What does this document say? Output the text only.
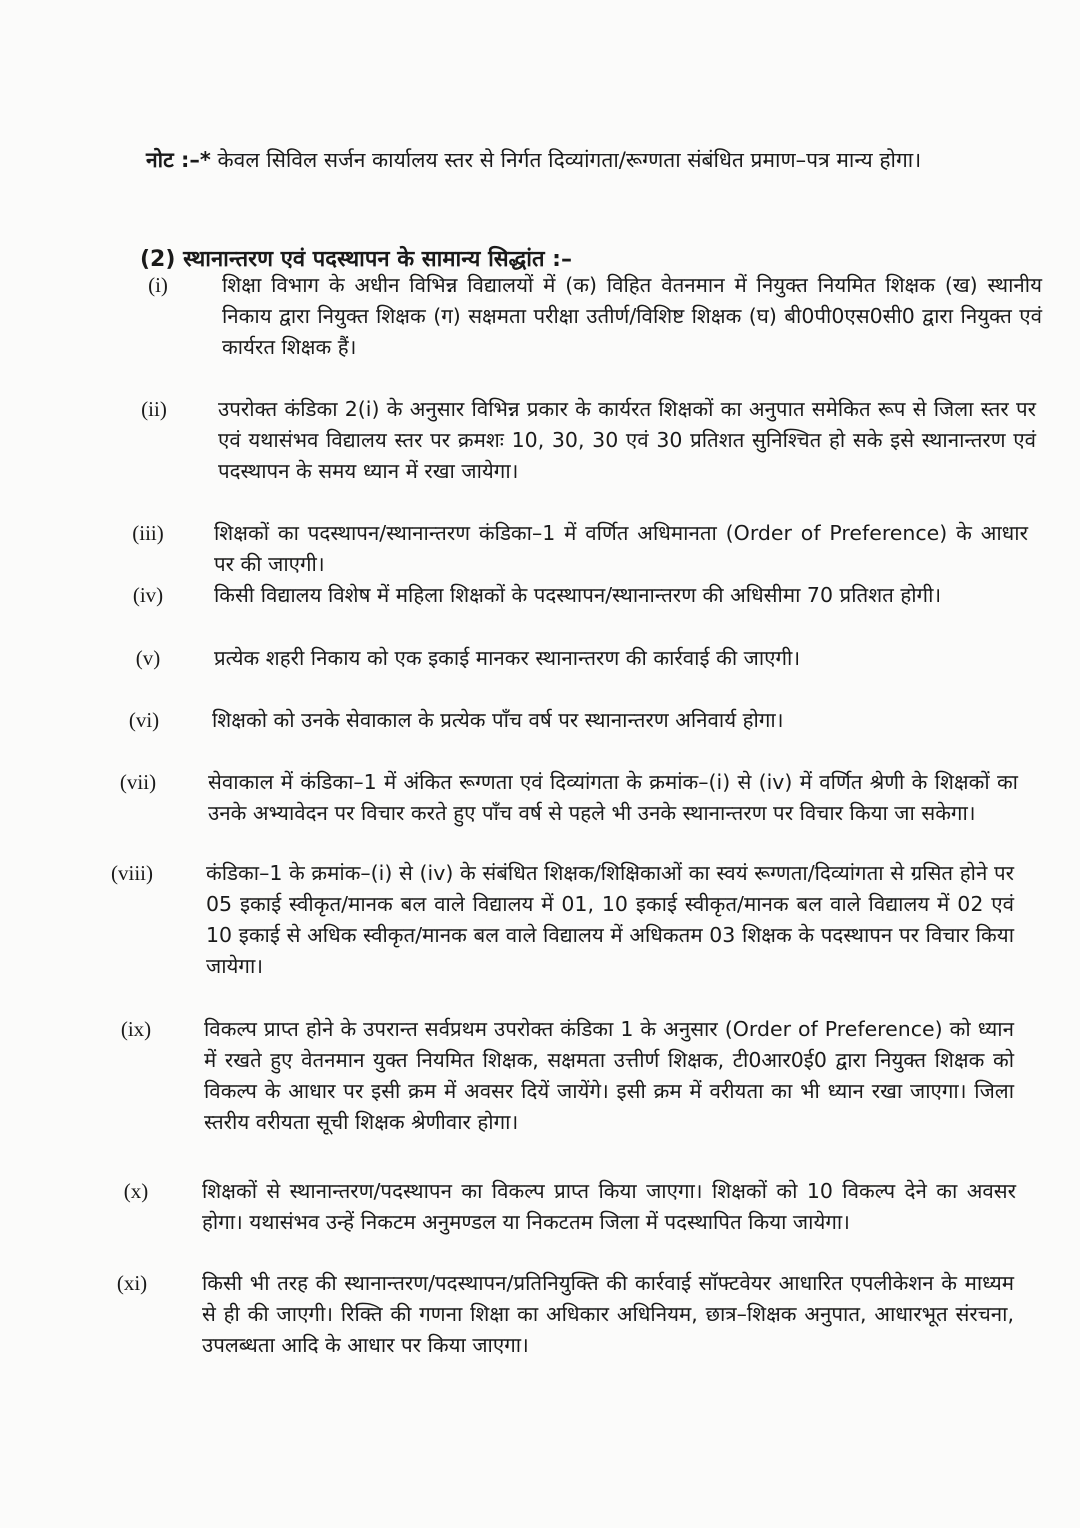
नोट :–* केवल सिविल सर्जन कार्यालय स्तर से निर्गत दिव्यांगता/रूग्णता संबंधित प्रमाण–पत्र मान्य होगा।
(2) स्थानान्तरण एवं पदस्थापन के सामान्य सिद्धांत :–
(i)	शिक्षा विभाग के अधीन विभिन्न विद्यालयों में (क) विहित वेतनमान में नियुक्त नियमित शिक्षक (ख) स्थानीय निकाय द्वारा नियुक्त शिक्षक (ग) सक्षमता परीक्षा उतीर्ण/विशिष्ट शिक्षक (घ) बी0पी0एस0सी0 द्वारा नियुक्त एवं कार्यरत शिक्षक हैं।
(ii)	उपरोक्त कंडिका 2(i) के अनुसार विभिन्न प्रकार के कार्यरत शिक्षकों का अनुपात समेकित रूप से जिला स्तर पर एवं यथासंभव विद्यालय स्तर पर क्रमशः 10, 30, 30 एवं 30 प्रतिशत सुनिश्चित हो सके इसे स्थानान्तरण एवं पदस्थापन के समय ध्यान में रखा जायेगा।
(iii)	शिक्षकों का पदस्थापन/स्थानान्तरण कंडिका–1 में वर्णित अधिमानता (Order of Preference) के आधार पर की जाएगी।
(iv)	किसी विद्यालय विशेष में महिला शिक्षकों के पदस्थापन/स्थानान्तरण की अधिसीमा 70 प्रतिशत होगी।
(v)	प्रत्येक शहरी निकाय को एक इकाई मानकर स्थानान्तरण की कार्रवाई की जाएगी।
(vi)	शिक्षको को उनके सेवाकाल के प्रत्येक पाँच वर्ष पर स्थानान्तरण अनिवार्य होगा।
(vii)	सेवाकाल में कंडिका–1 में अंकित रूग्णता एवं दिव्यांगता के क्रमांक–(i) से (iv) में वर्णित श्रेणी के शिक्षकों का उनके अभ्यावेदन पर विचार करते हुए पाँच वर्ष से पहले भी उनके स्थानान्तरण पर विचार किया जा सकेगा।
(viii)	कंडिका–1 के क्रमांक–(i) से (iv) के संबंधित शिक्षक/शिक्षिकाओं का स्वयं रूग्णता/दिव्यांगता से ग्रसित होने पर 05 इकाई स्वीकृत/मानक बल वाले विद्यालय में 01, 10 इकाई स्वीकृत/मानक बल वाले विद्यालय में 02 एवं 10 इकाई से अधिक स्वीकृत/मानक बल वाले विद्यालय में अधिकतम 03 शिक्षक के पदस्थापन पर विचार किया जायेगा।
(ix)	विकल्प प्राप्त होने के उपरान्त सर्वप्रथम उपरोक्त कंडिका 1 के अनुसार (Order of Preference) को ध्यान में रखते हुए वेतनमान युक्त नियमित शिक्षक, सक्षमता उत्तीर्ण शिक्षक, टी0आर0ई0 द्वारा नियुक्त शिक्षक को विकल्प के आधार पर इसी क्रम में अवसर दियें जायेंगे। इसी क्रम में वरीयता का भी ध्यान रखा जाएगा। जिला स्तरीय वरीयता सूची शिक्षक श्रेणीवार होगा।
(x)	शिक्षकों से स्थानान्तरण/पदस्थापन का विकल्प प्राप्त किया जाएगा। शिक्षकों को 10 विकल्प देने का अवसर होगा। यथासंभव उन्हें निकटम अनुमण्डल या निकटतम जिला में पदस्थापित किया जायेगा।
(xi)	किसी भी तरह की स्थानान्तरण/पदस्थापन/प्रतिनियुक्ति की कार्रवाई सॉफ्टवेयर आधारित एपलीकेशन के माध्यम से ही की जाएगी। रिक्ति की गणना शिक्षा का अधिकार अधिनियम, छात्र–शिक्षक अनुपात, आधारभूत संरचना, उपलब्धता आदि के आधार पर किया जाएगा।
